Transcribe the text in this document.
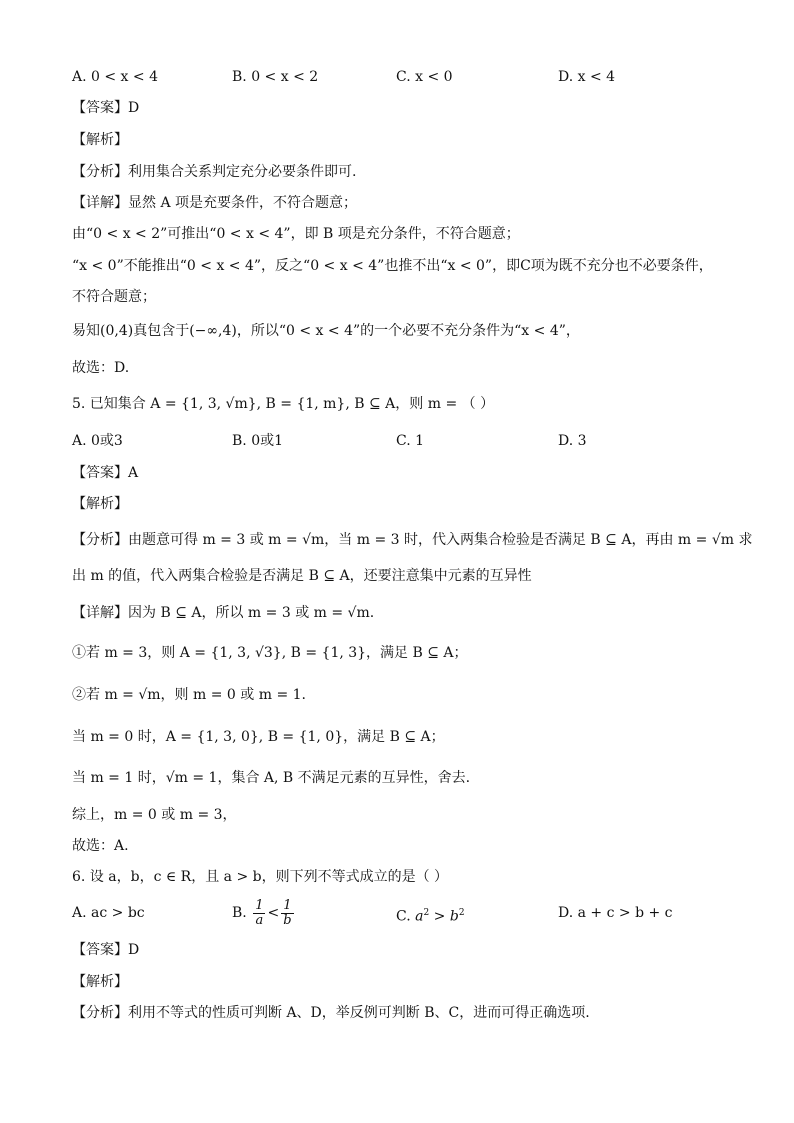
A. 0 < x < 4	B. 0 < x < 2	C. x < 0	D. x < 4
【答案】D
【解析】
【分析】利用集合关系判定充分必要条件即可.
【详解】显然 A 项是充要条件，不符合题意；
由“0 < x < 2”可推出“0 < x < 4”，即 B 项是充分条件，不符合题意；
“x < 0”不能推出“0 < x < 4”，反之“0 < x < 4”也推不出“x < 0”，即C项为既不充分也不必要条件，
不符合题意；
易知(0,4)真包含于(−∞,4)，所以“0 < x < 4”的一个必要不充分条件为“x < 4”，
故选：D.
5. 已知集合 A = {1, 3, √m}, B = {1, m}, B ⊆ A，则 m = （ ）
A. 0或3	B. 0或1	C. 1	D. 3
【答案】A
【解析】
【分析】由题意可得 m = 3 或 m = √m，当 m = 3 时，代入两集合检验是否满足 B ⊆ A，再由 m = √m 求
出 m 的值，代入两集合检验是否满足 B ⊆ A，还要注意集中元素的互异性
【详解】因为 B ⊆ A，所以 m = 3 或 m = √m.
①若 m = 3，则 A = {1, 3, √3}, B = {1, 3}，满足 B ⊆ A；
②若 m = √m，则 m = 0 或 m = 1.
当 m = 0 时，A = {1, 3, 0}, B = {1, 0}，满足 B ⊆ A；
当 m = 1 时，√m = 1，集合 A, B 不满足元素的互异性，舍去.
综上，m = 0 或 m = 3，
故选：A.
6. 设 a，b，c ∈ R，且 a > b，则下列不等式成立的是（ ）
A. ac > bc	B. $\frac{1}{a} < \frac{1}{b}$	C. $a^2 > b^2$	D. a + c > b + c
【答案】D
【解析】
【分析】利用不等式的性质可判断 A、D，举反例可判断 B、C，进而可得正确选项.
